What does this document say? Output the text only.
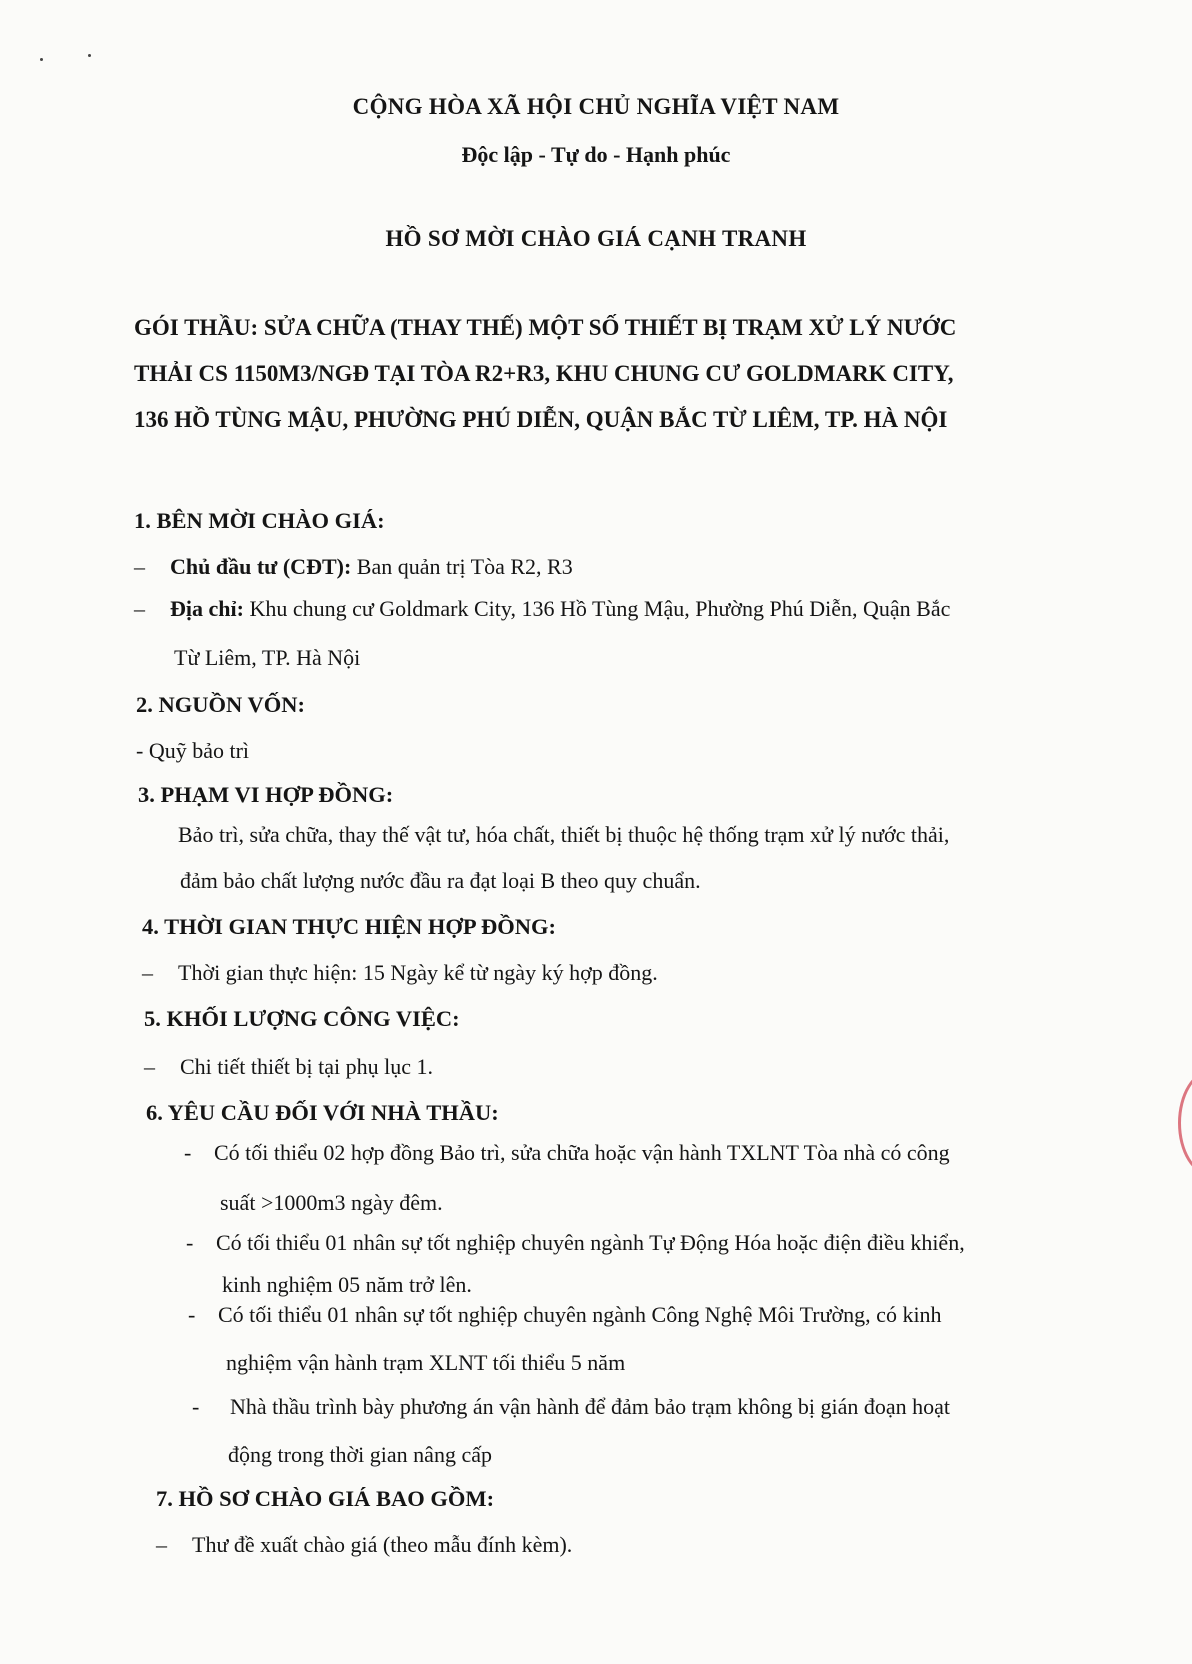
CỘNG HÒA XÃ HỘI CHỦ NGHĨA VIỆT NAM
Độc lập - Tự do - Hạnh phúc
HỒ SƠ MỜI CHÀO GIÁ CẠNH TRANH
GÓI THẦU: SỬA CHỮA (THAY THẾ) MỘT SỐ THIẾT BỊ TRẠM XỬ LÝ NƯỚC
THẢI CS 1150M3/NGĐ TẠI TÒA R2+R3, KHU CHUNG CƯ GOLDMARK CITY,
136 HỒ TÙNG MẬU, PHƯỜNG PHÚ DIỄN, QUẬN BẮC TỪ LIÊM, TP. HÀ NỘI
1. BÊN MỜI CHÀO GIÁ:
– Chủ đầu tư (CĐT): Ban quản trị Tòa R2, R3
– Địa chỉ: Khu chung cư Goldmark City, 136 Hồ Tùng Mậu, Phường Phú Diễn, Quận Bắc
Từ Liêm, TP. Hà Nội
2. NGUỒN VỐN:
- Quỹ bảo trì
3. PHẠM VI HỢP ĐỒNG:
Bảo trì, sửa chữa, thay thế vật tư, hóa chất, thiết bị thuộc hệ thống trạm xử lý nước thải,
đảm bảo chất lượng nước đầu ra đạt loại B theo quy chuẩn.
4. THỜI GIAN THỰC HIỆN HỢP ĐỒNG:
– Thời gian thực hiện: 15 Ngày kể từ ngày ký hợp đồng.
5. KHỐI LƯỢNG CÔNG VIỆC:
– Chi tiết thiết bị tại phụ lục 1.
6. YÊU CẦU ĐỐI VỚI NHÀ THẦU:
- Có tối thiểu 02 hợp đồng Bảo trì, sửa chữa hoặc vận hành TXLNT Tòa nhà có công
suất >1000m3 ngày đêm.
- Có tối thiểu 01 nhân sự tốt nghiệp chuyên ngành Tự Động Hóa hoặc điện điều khiển,
kinh nghiệm 05 năm trở lên.
- Có tối thiểu 01 nhân sự tốt nghiệp chuyên ngành Công Nghệ Môi Trường, có kinh
nghiệm vận hành trạm XLNT tối thiểu 5 năm
- Nhà thầu trình bày phương án vận hành để đảm bảo trạm không bị gián đoạn hoạt
động trong thời gian nâng cấp
7. HỒ SƠ CHÀO GIÁ BAO GỒM:
– Thư đề xuất chào giá (theo mẫu đính kèm).
